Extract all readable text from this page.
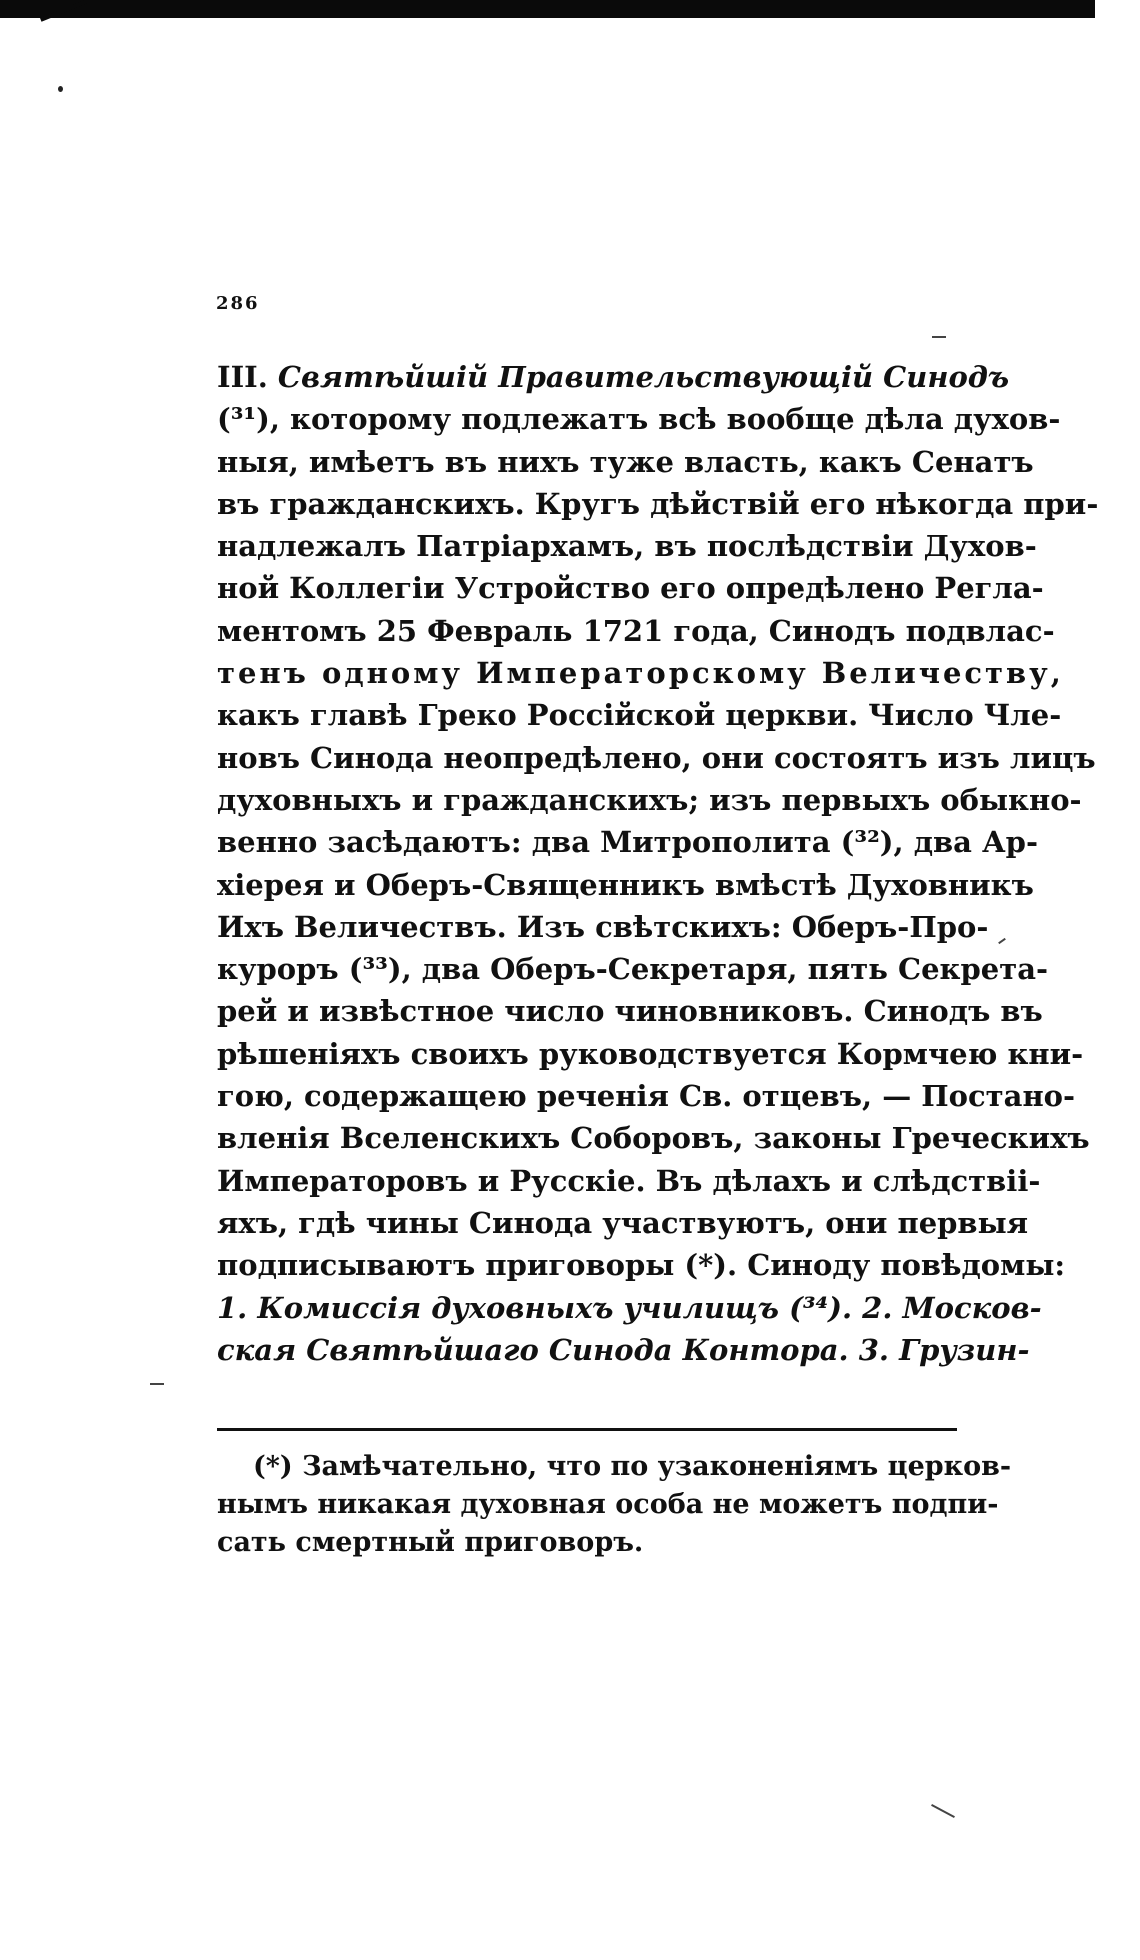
286
III. Святѣйшій Правительствующій Синодъ
(³¹), которому подлежатъ всѣ вообще дѣла духов-
ныя, имѣетъ въ нихъ туже власть, какъ Сенатъ
въ гражданскихъ. Кругъ дѣйствій его нѣкогда при-
надлежалъ Патріархамъ, въ послѣдствіи Духов-
ной Коллегіи Устройство его опредѣлено Регла-
ментомъ 25 Февраль 1721 года, Синодъ подвлас-
тенъ одному Императорскому Величеству,
какъ главѣ Греко Россійской церкви. Число Чле-
новъ Синода неопредѣлено, они состоятъ изъ лицъ
духовныхъ и гражданскихъ; изъ первыхъ обыкно-
венно засѣдаютъ: два Митрополита (³²), два Ар-
хіерея и Оберъ-Священникъ вмѣстѣ Духовникъ
Ихъ Величествъ. Изъ свѣтскихъ: Оберъ-Про-
куроръ (³³), два Оберъ-Секретаря, пять Секрета-
рей и извѣстное число чиновниковъ. Синодъ въ
рѣшеніяхъ своихъ руководствуется Кормчею кни-
гою, содержащею реченія Св. отцевъ, — Постано-
вленія Вселенскихъ Соборовъ, законы Греческихъ
Императоровъ и Русскіе. Въ дѣлахъ и слѣдствіі-
яхъ, гдѣ чины Синода участвуютъ, они первыя
подписываютъ приговоры (*). Синоду повѣдомы:
1. Комиссія духовныхъ училищъ (³⁴). 2. Москов-
ская Святѣйшаго Синода Контора. 3. Грузин-
(*) Замѣчательно, что по узаконеніямъ церков-
нымъ никакая духовная особа не можетъ подпи-
сать смертный приговоръ.
